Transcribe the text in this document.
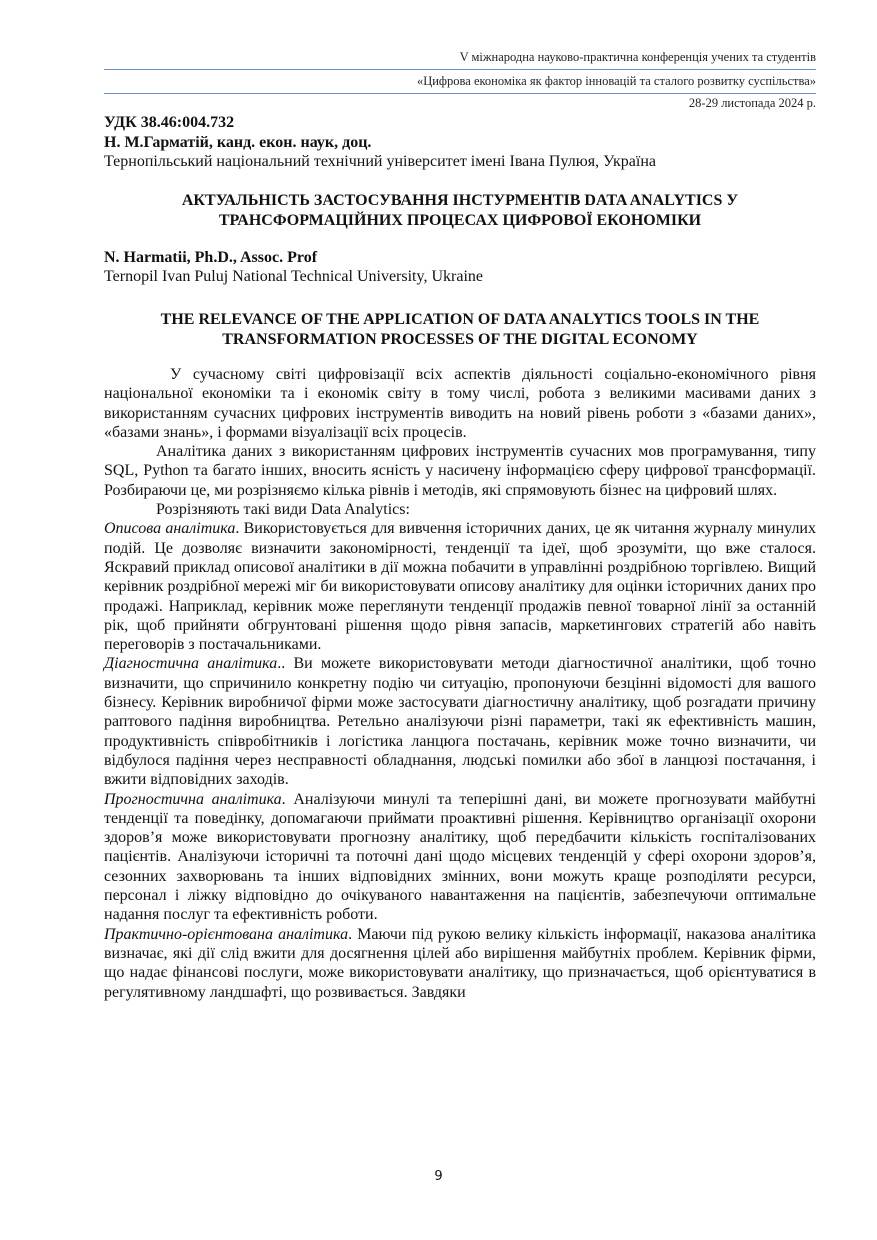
V міжнародна науково-практична конференція учених та студентів
«Цифрова економіка як фактор інновацій та сталого розвитку суспільства»
28-29 листопада 2024 р.
УДК 38.46:004.732
Н. М.Гарматій, канд. екон. наук, доц.
Тернопільський національний технічний університет імені Івана Пулюя, Україна
АКТУАЛЬНІСТЬ ЗАСТОСУВАННЯ ІНСТУРМЕНТІВ DATA ANALYTICS У
ТРАНСФОРМАЦІЙНИХ ПРОЦЕСАХ ЦИФРОВОЇ ЕКОНОМІКИ
N. Harmatii, Ph.D., Assoc. Prof
Ternopil Ivan Puluj National Technical University, Ukraine
THE RELEVANCE OF THE APPLICATION OF DATA ANALYTICS TOOLS IN THE
TRANSFORMATION PROCESSES OF THE DIGITAL ECONOMY

У сучасному світі цифровізації всіх аспектів діяльності соціально-економічного рівня національної економіки та і економік світу в тому числі, робота з великими масивами даних з використанням сучасних цифрових інструментів виводить на новий рівень роботи з «базами даних», «базами знань», і формами візуалізації всіх процесів.

Аналітика даних з використанням цифрових інструментів сучасних мов програмування, типу SQL, Python та багато інших, вносить ясність у насичену інформацією сферу цифрової трансформації. Розбираючи це, ми розрізняємо кілька рівнів і методів, які спрямовують бізнес на цифровий шлях.

Розрізняють такі види Data Analytics:

Описова аналітика. Використовується для вивчення історичних даних, це як читання журналу минулих подій. Це дозволяє визначити закономірності, тенденції та ідеї, щоб зрозуміти, що вже сталося. Яскравий приклад описової аналітики в дії можна побачити в управлінні роздрібною торгівлею. Вищий керівник роздрібної мережі міг би використовувати описову аналітику для оцінки історичних даних про продажі. Наприклад, керівник може переглянути тенденції продажів певної товарної лінії за останній рік, щоб прийняти обгрунтовані рішення щодо рівня запасів, маркетингових стратегій або навіть переговорів з постачальниками.

Діагностична аналітика.. Ви можете використовувати методи діагностичної аналітики, щоб точно визначити, що спричинило конкретну подію чи ситуацію, пропонуючи безцінні відомості для вашого бізнесу. Керівник виробничої фірми може застосувати діагностичну аналітику, щоб розгадати причину раптового падіння виробництва. Ретельно аналізуючи різні параметри, такі як ефективність машин, продуктивність співробітників і логістика ланцюга постачань, керівник може точно визначити, чи відбулося падіння через несправності обладнання, людські помилки або збої в ланцюзі постачання, і вжити відповідних заходів.

Прогностична аналітика. Аналізуючи минулі та теперішні дані, ви можете прогнозувати майбутні тенденції та поведінку, допомагаючи приймати проактивні рішення. Керівництво організації охорони здоров’я може використовувати прогнозну аналітику, щоб передбачити кількість госпіталізованих пацієнтів. Аналізуючи історичні та поточні дані щодо місцевих тенденцій у сфері охорони здоров’я, сезонних захворювань та інших відповідних змінних, вони можуть краще розподіляти ресурси, персонал і ліжку відповідно до очікуваного навантаження на пацієнтів, забезпечуючи оптимальне надання послуг та ефективність роботи.

Практично-орієнтована аналітика. Маючи під рукою велику кількість інформації, наказова аналітика визначає, які дії слід вжити для досягнення цілей або вирішення майбутніх проблем. Керівник фірми, що надає фінансові послуги, може використовувати аналітику, що призначається, щоб орієнтуватися в регулятивному ландшафті, що розвивається. Завдяки

9
